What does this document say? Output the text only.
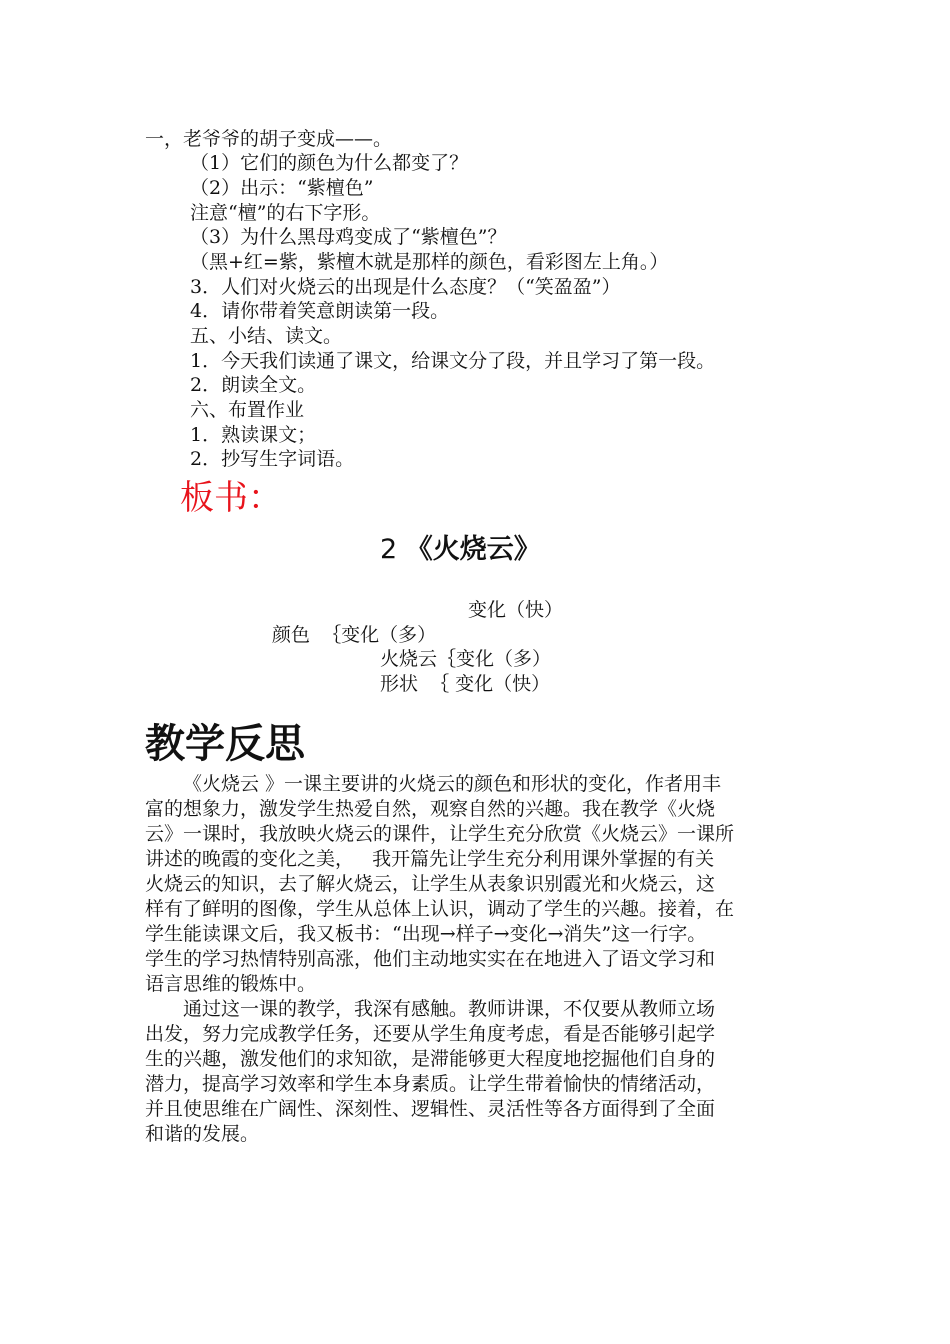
一，老爷爷的胡子变成——。
（1）它们的颜色为什么都变了？
（2）出示：“紫檀色”
注意“檀”的右下字形。
（3）为什么黑母鸡变成了“紫檀色”？
（黑+红=紫，紫檀木就是那样的颜色，看彩图左上角。）
3．人们对火烧云的出现是什么态度？（“笑盈盈”）
4．请你带着笑意朗读第一段。
五、小结、读文。
1．今天我们读通了课文，给课文分了段，并且学习了第一段。
2．朗读全文。
六、布置作业
1．熟读课文；
2．抄写生字词语。
板书：
2 《火烧云》
变化（快）
颜色  ｛变化（多）
火烧云｛变化（多）
形状  ｛ 变化（快）
教学反思
《火烧云 》一课主要讲的火烧云的颜色和形状的变化，作者用丰
富的想象力，激发学生热爱自然，观察自然的兴趣。我在教学《火烧
云》一课时，我放映火烧云的课件，让学生充分欣赏《火烧云》一课所
讲述的晚霞的变化之美，   我开篇先让学生充分利用课外掌握的有关
火烧云的知识，去了解火烧云，让学生从表象识别霞光和火烧云，这
样有了鲜明的图像，学生从总体上认识，调动了学生的兴趣。接着，在
学生能读课文后，我又板书：“出现→样子→变化→消失”这一行字。
学生的学习热情特别高涨，他们主动地实实在在地进入了语文学习和
语言思维的锻炼中。
通过这一课的教学，我深有感触。教师讲课，不仅要从教师立场
出发，努力完成教学任务，还要从学生角度考虑，看是否能够引起学
生的兴趣，激发他们的求知欲，是滞能够更大程度地挖掘他们自身的
潜力，提高学习效率和学生本身素质。让学生带着愉快的情绪活动，
并且使思维在广阔性、深刻性、逻辑性、灵活性等各方面得到了全面
和谐的发展。
